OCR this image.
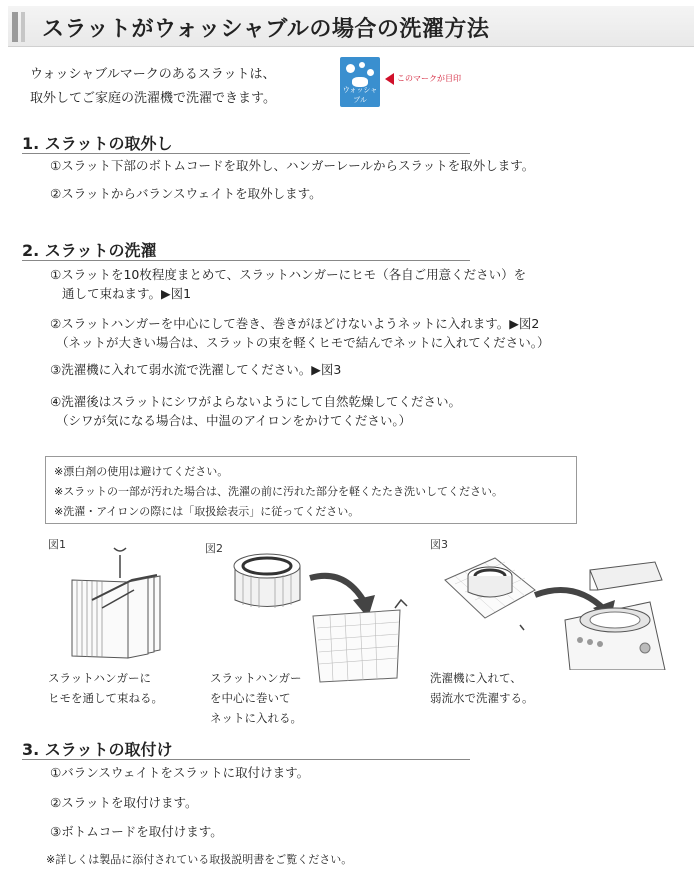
スラットがウォッシャブルの場合の洗濯方法
ウォッシャブルマークのあるスラットは、
取外してご家庭の洗濯機で洗濯できます。
ウォッシャブル
このマークが目印
1. スラットの取外し
①スラット下部のボトムコードを取外し、ハンガーレールからスラットを取外します。
②スラットからバランスウェイトを取外します。
2. スラットの洗濯
①スラットを10枚程度まとめて、スラットハンガーにヒモ（各自ご用意ください）を
通して束ねます。▶図1
②スラットハンガーを中心にして巻き、巻きがほどけないようネットに入れます。▶図2
（ネットが大きい場合は、スラットの束を軽くヒモで結んでネットに入れてください。）
③洗濯機に入れて弱水流で洗濯してください。▶図3
④洗濯後はスラットにシワがよらないようにして自然乾燥してください。
（シワが気になる場合は、中温のアイロンをかけてください。）
※漂白剤の使用は避けてください。
※スラットの一部が汚れた場合は、洗濯の前に汚れた部分を軽くたたき洗いしてください。
※洗濯・アイロンの際には「取扱絵表示」に従ってください。
図1
スラットハンガーに
ヒモを通して束ねる。
図2
スラットハンガー
を中心に巻いて
ネットに入れる。
図3
洗濯機に入れて、
弱流水で洗濯する。
3. スラットの取付け
①バランスウェイトをスラットに取付けます。
②スラットを取付けます。
③ボトムコードを取付けます。
※詳しくは製品に添付されている取扱説明書をご覧ください。
